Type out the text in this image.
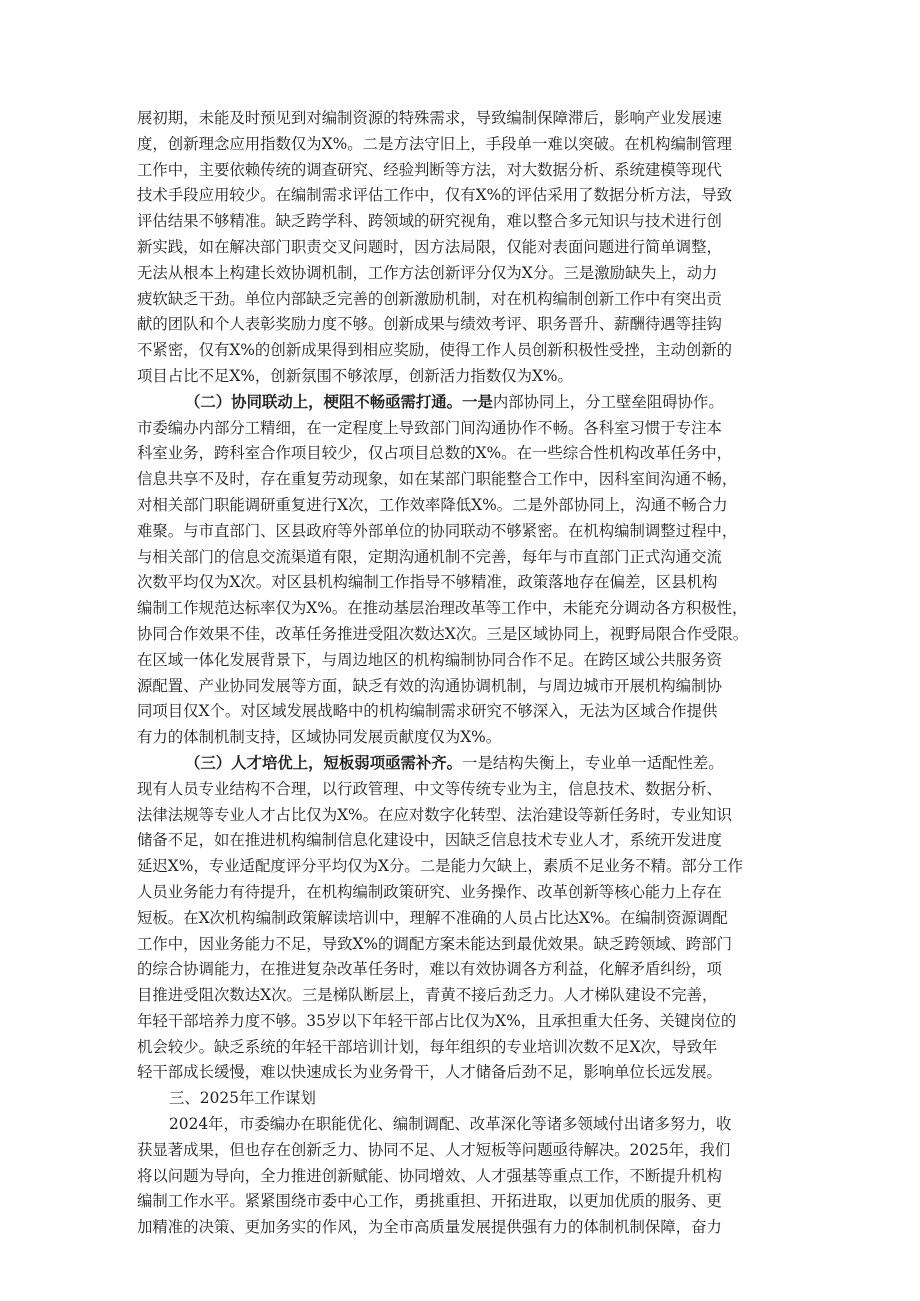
展初期，未能及时预见到对编制资源的特殊需求，导致编制保障滞后，影响产业发展速
度，创新理念应用指数仅为X%。二是方法守旧上，手段单一难以突破。在机构编制管理
工作中，主要依赖传统的调查研究、经验判断等方法，对大数据分析、系统建模等现代
技术手段应用较少。在编制需求评估工作中，仅有X%的评估采用了数据分析方法，导致
评估结果不够精准。缺乏跨学科、跨领域的研究视角，难以整合多元知识与技术进行创
新实践，如在解决部门职责交叉问题时，因方法局限，仅能对表面问题进行简单调整，
无法从根本上构建长效协调机制，工作方法创新评分仅为X分。三是激励缺失上，动力
疲软缺乏干劲。单位内部缺乏完善的创新激励机制，对在机构编制创新工作中有突出贡
献的团队和个人表彰奖励力度不够。创新成果与绩效考评、职务晋升、薪酬待遇等挂钩
不紧密，仅有X%的创新成果得到相应奖励，使得工作人员创新积极性受挫，主动创新的
项目占比不足X%，创新氛围不够浓厚，创新活力指数仅为X%。
（二）协同联动上，梗阻不畅亟需打通。一是内部协同上，分工壁垒阻碍协作。
市委编办内部分工精细，在一定程度上导致部门间沟通协作不畅。各科室习惯于专注本
科室业务，跨科室合作项目较少，仅占项目总数的X%。在一些综合性机构改革任务中，
信息共享不及时，存在重复劳动现象，如在某部门职能整合工作中，因科室间沟通不畅，
对相关部门职能调研重复进行X次，工作效率降低X%。二是外部协同上，沟通不畅合力
难聚。与市直部门、区县政府等外部单位的协同联动不够紧密。在机构编制调整过程中，
与相关部门的信息交流渠道有限，定期沟通机制不完善，每年与市直部门正式沟通交流
次数平均仅为X次。对区县机构编制工作指导不够精准，政策落地存在偏差，区县机构
编制工作规范达标率仅为X%。在推动基层治理改革等工作中，未能充分调动各方积极性，
协同合作效果不佳，改革任务推进受阻次数达X次。三是区域协同上，视野局限合作受限。
在区域一体化发展背景下，与周边地区的机构编制协同合作不足。在跨区域公共服务资
源配置、产业协同发展等方面，缺乏有效的沟通协调机制，与周边城市开展机构编制协
同项目仅X个。对区域发展战略中的机构编制需求研究不够深入，无法为区域合作提供
有力的体制机制支持，区域协同发展贡献度仅为X%。
（三）人才培优上，短板弱项亟需补齐。一是结构失衡上，专业单一适配性差。
现有人员专业结构不合理，以行政管理、中文等传统专业为主，信息技术、数据分析、
法律法规等专业人才占比仅为X%。在应对数字化转型、法治建设等新任务时，专业知识
储备不足，如在推进机构编制信息化建设中，因缺乏信息技术专业人才，系统开发进度
延迟X%，专业适配度评分平均仅为X分。二是能力欠缺上，素质不足业务不精。部分工作
人员业务能力有待提升，在机构编制政策研究、业务操作、改革创新等核心能力上存在
短板。在X次机构编制政策解读培训中，理解不准确的人员占比达X%。在编制资源调配
工作中，因业务能力不足，导致X%的调配方案未能达到最优效果。缺乏跨领域、跨部门
的综合协调能力，在推进复杂改革任务时，难以有效协调各方利益，化解矛盾纠纷，项
目推进受阻次数达X次。三是梯队断层上，青黄不接后劲乏力。人才梯队建设不完善，
年轻干部培养力度不够。35岁以下年轻干部占比仅为X%，且承担重大任务、关键岗位的
机会较少。缺乏系统的年轻干部培训计划，每年组织的专业培训次数不足X次，导致年
轻干部成长缓慢，难以快速成长为业务骨干，人才储备后劲不足，影响单位长远发展。
三、2025年工作谋划
2024年，市委编办在职能优化、编制调配、改革深化等诸多领域付出诸多努力，收
获显著成果，但也存在创新乏力、协同不足、人才短板等问题亟待解决。2025年，我们
将以问题为导向，全力推进创新赋能、协同增效、人才强基等重点工作，不断提升机构
编制工作水平。紧紧围绕市委中心工作，勇挑重担、开拓进取，以更加优质的服务、更
加精准的决策、更加务实的作风，为全市高质量发展提供强有力的体制机制保障，奋力
